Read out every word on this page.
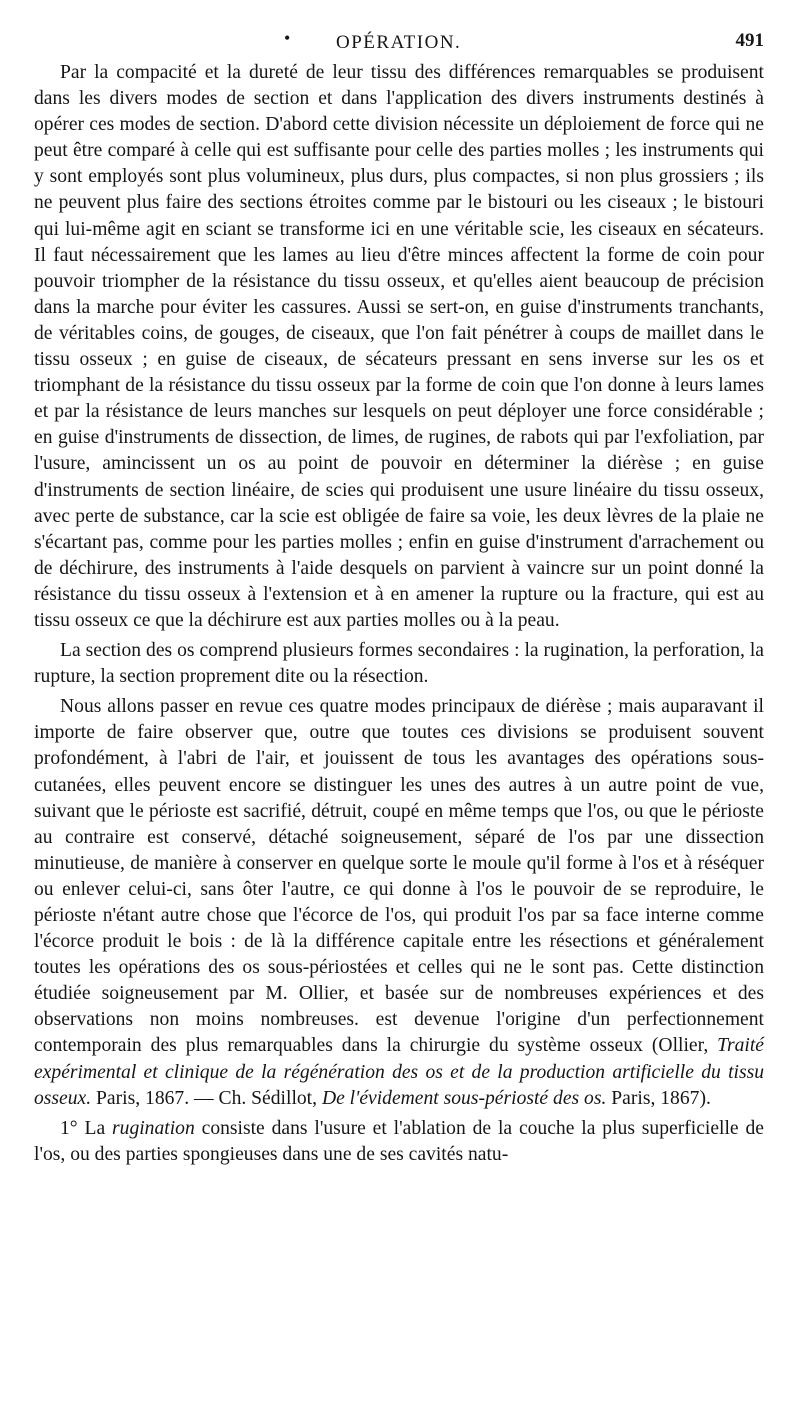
• OPÉRATION.	491

Par la compacité et la dureté de leur tissu des différences remarquables se produisent dans les divers modes de section et dans l'application des divers instruments destinés à opérer ces modes de section. D'abord cette division nécessite un déploiement de force qui ne peut être comparé à celle qui est suffisante pour celle des parties molles ; les instruments qui y sont employés sont plus volumineux, plus durs, plus compactes, si non plus grossiers ; ils ne peuvent plus faire des sections étroites comme par le bistouri ou les ciseaux ; le bistouri qui lui-même agit en sciant se transforme ici en une véritable scie, les ciseaux en sécateurs. Il faut nécessairement que les lames au lieu d'être minces affectent la forme de coin pour pouvoir triompher de la résistance du tissu osseux, et qu'elles aient beaucoup de précision dans la marche pour éviter les cassures. Aussi se sert-on, en guise d'instruments tranchants, de véritables coins, de gouges, de ciseaux, que l'on fait pénétrer à coups de maillet dans le tissu osseux ; en guise de ciseaux, de sécateurs pressant en sens inverse sur les os et triomphant de la résistance du tissu osseux par la forme de coin que l'on donne à leurs lames et par la résistance de leurs manches sur lesquels on peut déployer une force considérable ; en guise d'instruments de dissection, de limes, de rugines, de rabots qui par l'exfoliation, par l'usure, amincissent un os au point de pouvoir en déterminer la diérèse ; en guise d'instruments de section linéaire, de scies qui produisent une usure linéaire du tissu osseux, avec perte de substance, car la scie est obligée de faire sa voie, les deux lèvres de la plaie ne s'écartant pas, comme pour les parties molles ; enfin en guise d'instrument d'arrachement ou de déchirure, des instruments à l'aide desquels on parvient à vaincre sur un point donné la résistance du tissu osseux à l'extension et à en amener la rupture ou la fracture, qui est au tissu osseux ce que la déchirure est aux parties molles ou à la peau.

La section des os comprend plusieurs formes secondaires : la rugination, la perforation, la rupture, la section proprement dite ou la résection.

Nous allons passer en revue ces quatre modes principaux de diérèse ; mais auparavant il importe de faire observer que, outre que toutes ces divisions se produisent souvent profondément, à l'abri de l'air, et jouissent de tous les avantages des opérations sous-cutanées, elles peuvent encore se distinguer les unes des autres à un autre point de vue, suivant que le périoste est sacrifié, détruit, coupé en même temps que l'os, ou que le périoste au contraire est conservé, détaché soigneusement, séparé de l'os par une dissection minutieuse, de manière à conserver en quelque sorte le moule qu'il forme à l'os et à réséquer ou enlever celui-ci, sans ôter l'autre, ce qui donne à l'os le pouvoir de se reproduire, le périoste n'étant autre chose que l'écorce de l'os, qui produit l'os par sa face interne comme l'écorce produit le bois : de là la différence capitale entre les résections et généralement toutes les opérations des os sous-périostées et celles qui ne le sont pas. Cette distinction étudiée soigneusement par M. Ollier, et basée sur de nombreuses expériences et des observations non moins nombreuses. est devenue l'origine d'un perfectionnement contemporain des plus remarquables dans la chirurgie du système osseux (Ollier, Traité expérimental et clinique de la régénération des os et de la production artificielle du tissu osseux. Paris, 1867. — Ch. Sédillot, De l'évidement sous-périosté des os. Paris, 1867).

1° La rugination consiste dans l'usure et l'ablation de la couche la plus superficielle de l'os, ou des parties spongieuses dans une de ses cavités natu-
